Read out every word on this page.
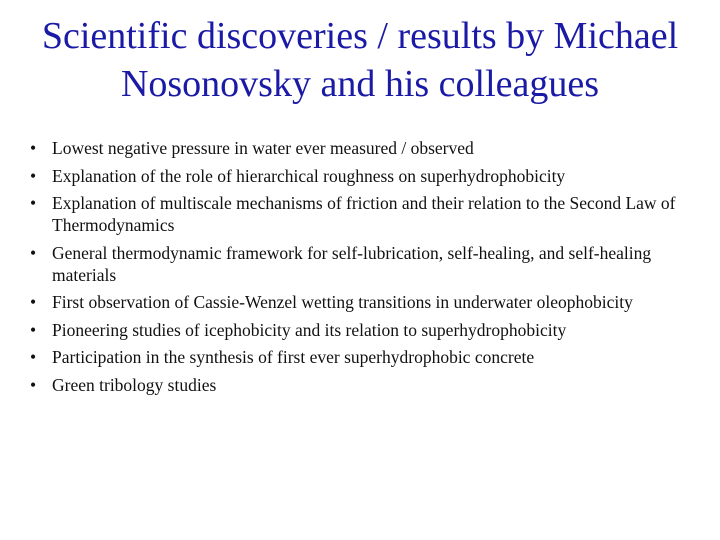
Scientific discoveries / results by Michael
Nosonovsky and his colleagues
• Lowest negative pressure in water ever measured / observed
• Explanation of the role of hierarchical roughness on superhydrophobicity
• Explanation of multiscale mechanisms of friction and their relation to the Second Law of Thermodynamics
• General thermodynamic framework for self-lubrication, self-healing, and self-healing materials
• First observation of Cassie-Wenzel wetting transitions in underwater oleophobicity
• Pioneering studies of icephobicity and its relation to superhydrophobicity
• Participation in the synthesis of first ever superhydrophobic concrete
• Green tribology studies
